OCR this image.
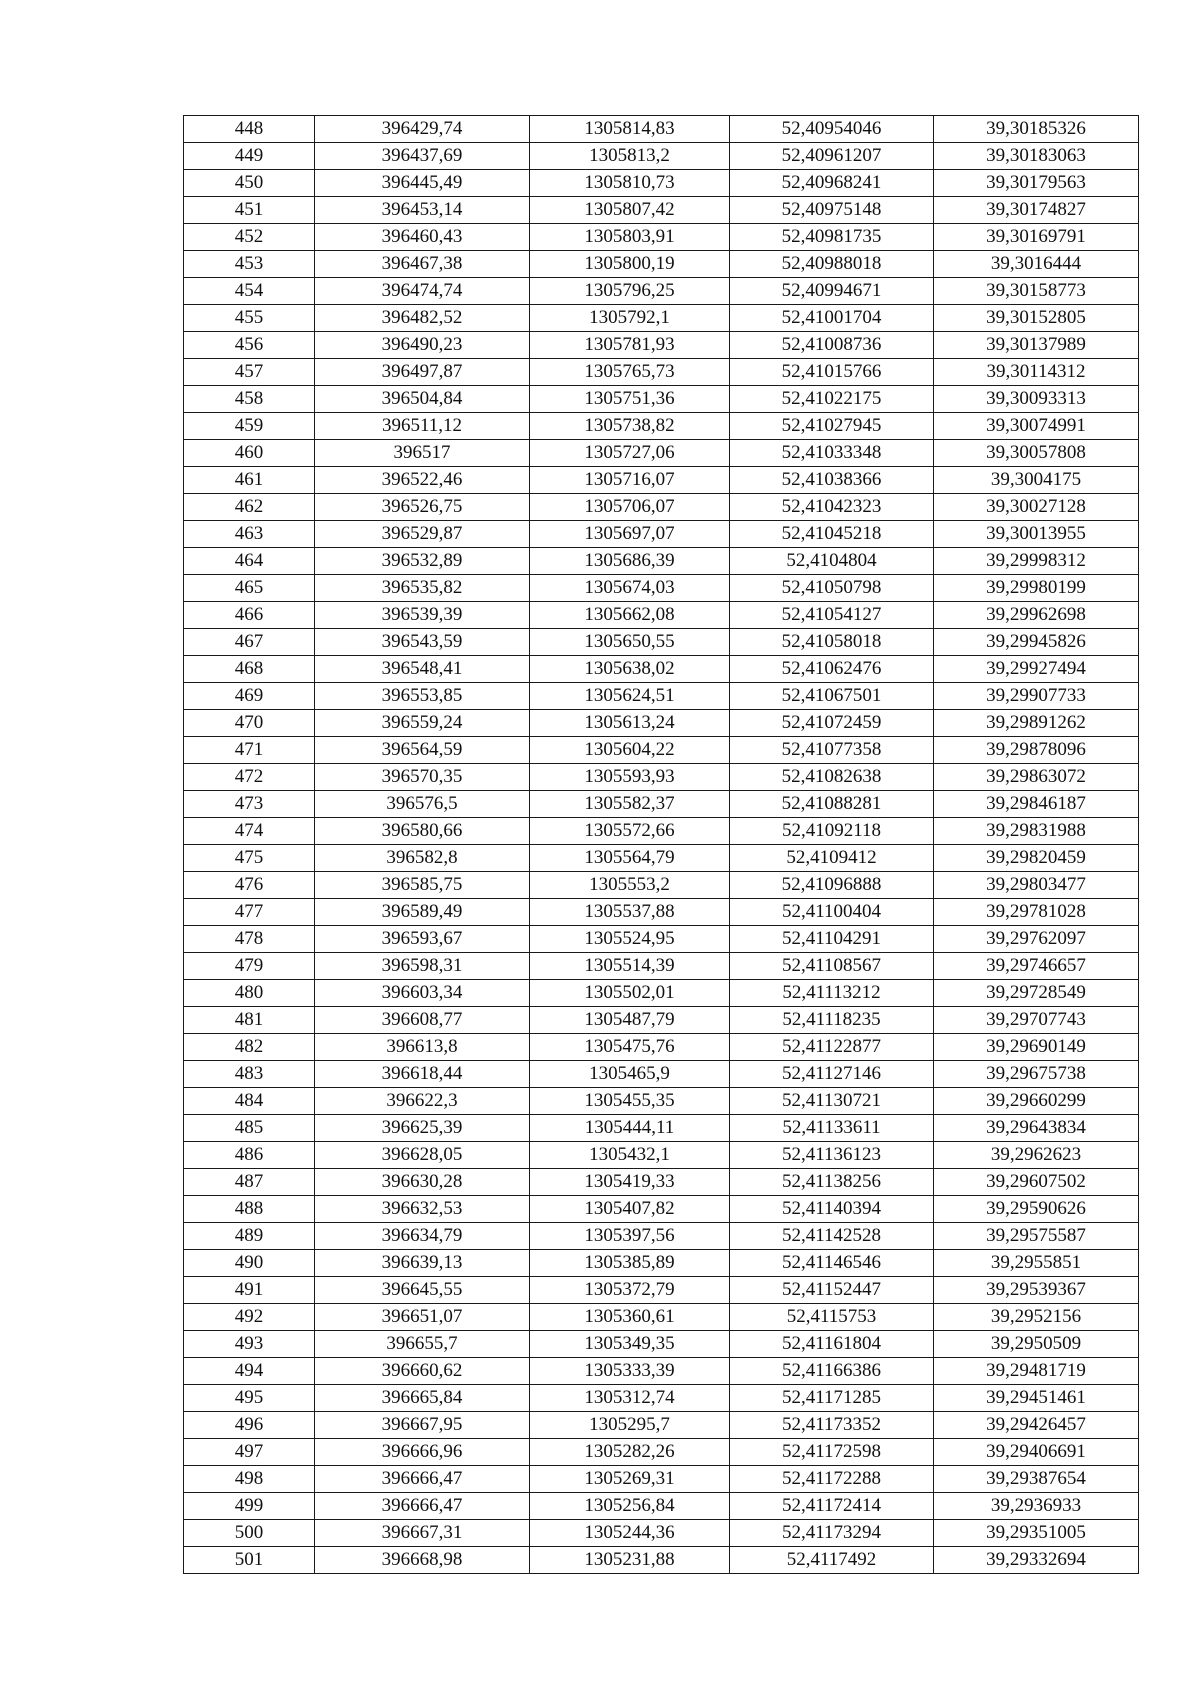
448	396429,74	1305814,83	52,40954046	39,30185326
449	396437,69	1305813,2	52,40961207	39,30183063
450	396445,49	1305810,73	52,40968241	39,30179563
451	396453,14	1305807,42	52,40975148	39,30174827
452	396460,43	1305803,91	52,40981735	39,30169791
453	396467,38	1305800,19	52,40988018	39,3016444
454	396474,74	1305796,25	52,40994671	39,30158773
455	396482,52	1305792,1	52,41001704	39,30152805
456	396490,23	1305781,93	52,41008736	39,30137989
457	396497,87	1305765,73	52,41015766	39,30114312
458	396504,84	1305751,36	52,41022175	39,30093313
459	396511,12	1305738,82	52,41027945	39,30074991
460	396517	1305727,06	52,41033348	39,30057808
461	396522,46	1305716,07	52,41038366	39,3004175
462	396526,75	1305706,07	52,41042323	39,30027128
463	396529,87	1305697,07	52,41045218	39,30013955
464	396532,89	1305686,39	52,4104804	39,29998312
465	396535,82	1305674,03	52,41050798	39,29980199
466	396539,39	1305662,08	52,41054127	39,29962698
467	396543,59	1305650,55	52,41058018	39,29945826
468	396548,41	1305638,02	52,41062476	39,29927494
469	396553,85	1305624,51	52,41067501	39,29907733
470	396559,24	1305613,24	52,41072459	39,29891262
471	396564,59	1305604,22	52,41077358	39,29878096
472	396570,35	1305593,93	52,41082638	39,29863072
473	396576,5	1305582,37	52,41088281	39,29846187
474	396580,66	1305572,66	52,41092118	39,29831988
475	396582,8	1305564,79	52,4109412	39,29820459
476	396585,75	1305553,2	52,41096888	39,29803477
477	396589,49	1305537,88	52,41100404	39,29781028
478	396593,67	1305524,95	52,41104291	39,29762097
479	396598,31	1305514,39	52,41108567	39,29746657
480	396603,34	1305502,01	52,41113212	39,29728549
481	396608,77	1305487,79	52,41118235	39,29707743
482	396613,8	1305475,76	52,41122877	39,29690149
483	396618,44	1305465,9	52,41127146	39,29675738
484	396622,3	1305455,35	52,41130721	39,29660299
485	396625,39	1305444,11	52,41133611	39,29643834
486	396628,05	1305432,1	52,41136123	39,2962623
487	396630,28	1305419,33	52,41138256	39,29607502
488	396632,53	1305407,82	52,41140394	39,29590626
489	396634,79	1305397,56	52,41142528	39,29575587
490	396639,13	1305385,89	52,41146546	39,2955851
491	396645,55	1305372,79	52,41152447	39,29539367
492	396651,07	1305360,61	52,4115753	39,2952156
493	396655,7	1305349,35	52,41161804	39,2950509
494	396660,62	1305333,39	52,41166386	39,29481719
495	396665,84	1305312,74	52,41171285	39,29451461
496	396667,95	1305295,7	52,41173352	39,29426457
497	396666,96	1305282,26	52,41172598	39,29406691
498	396666,47	1305269,31	52,41172288	39,29387654
499	396666,47	1305256,84	52,41172414	39,2936933
500	396667,31	1305244,36	52,41173294	39,29351005
501	396668,98	1305231,88	52,4117492	39,29332694
